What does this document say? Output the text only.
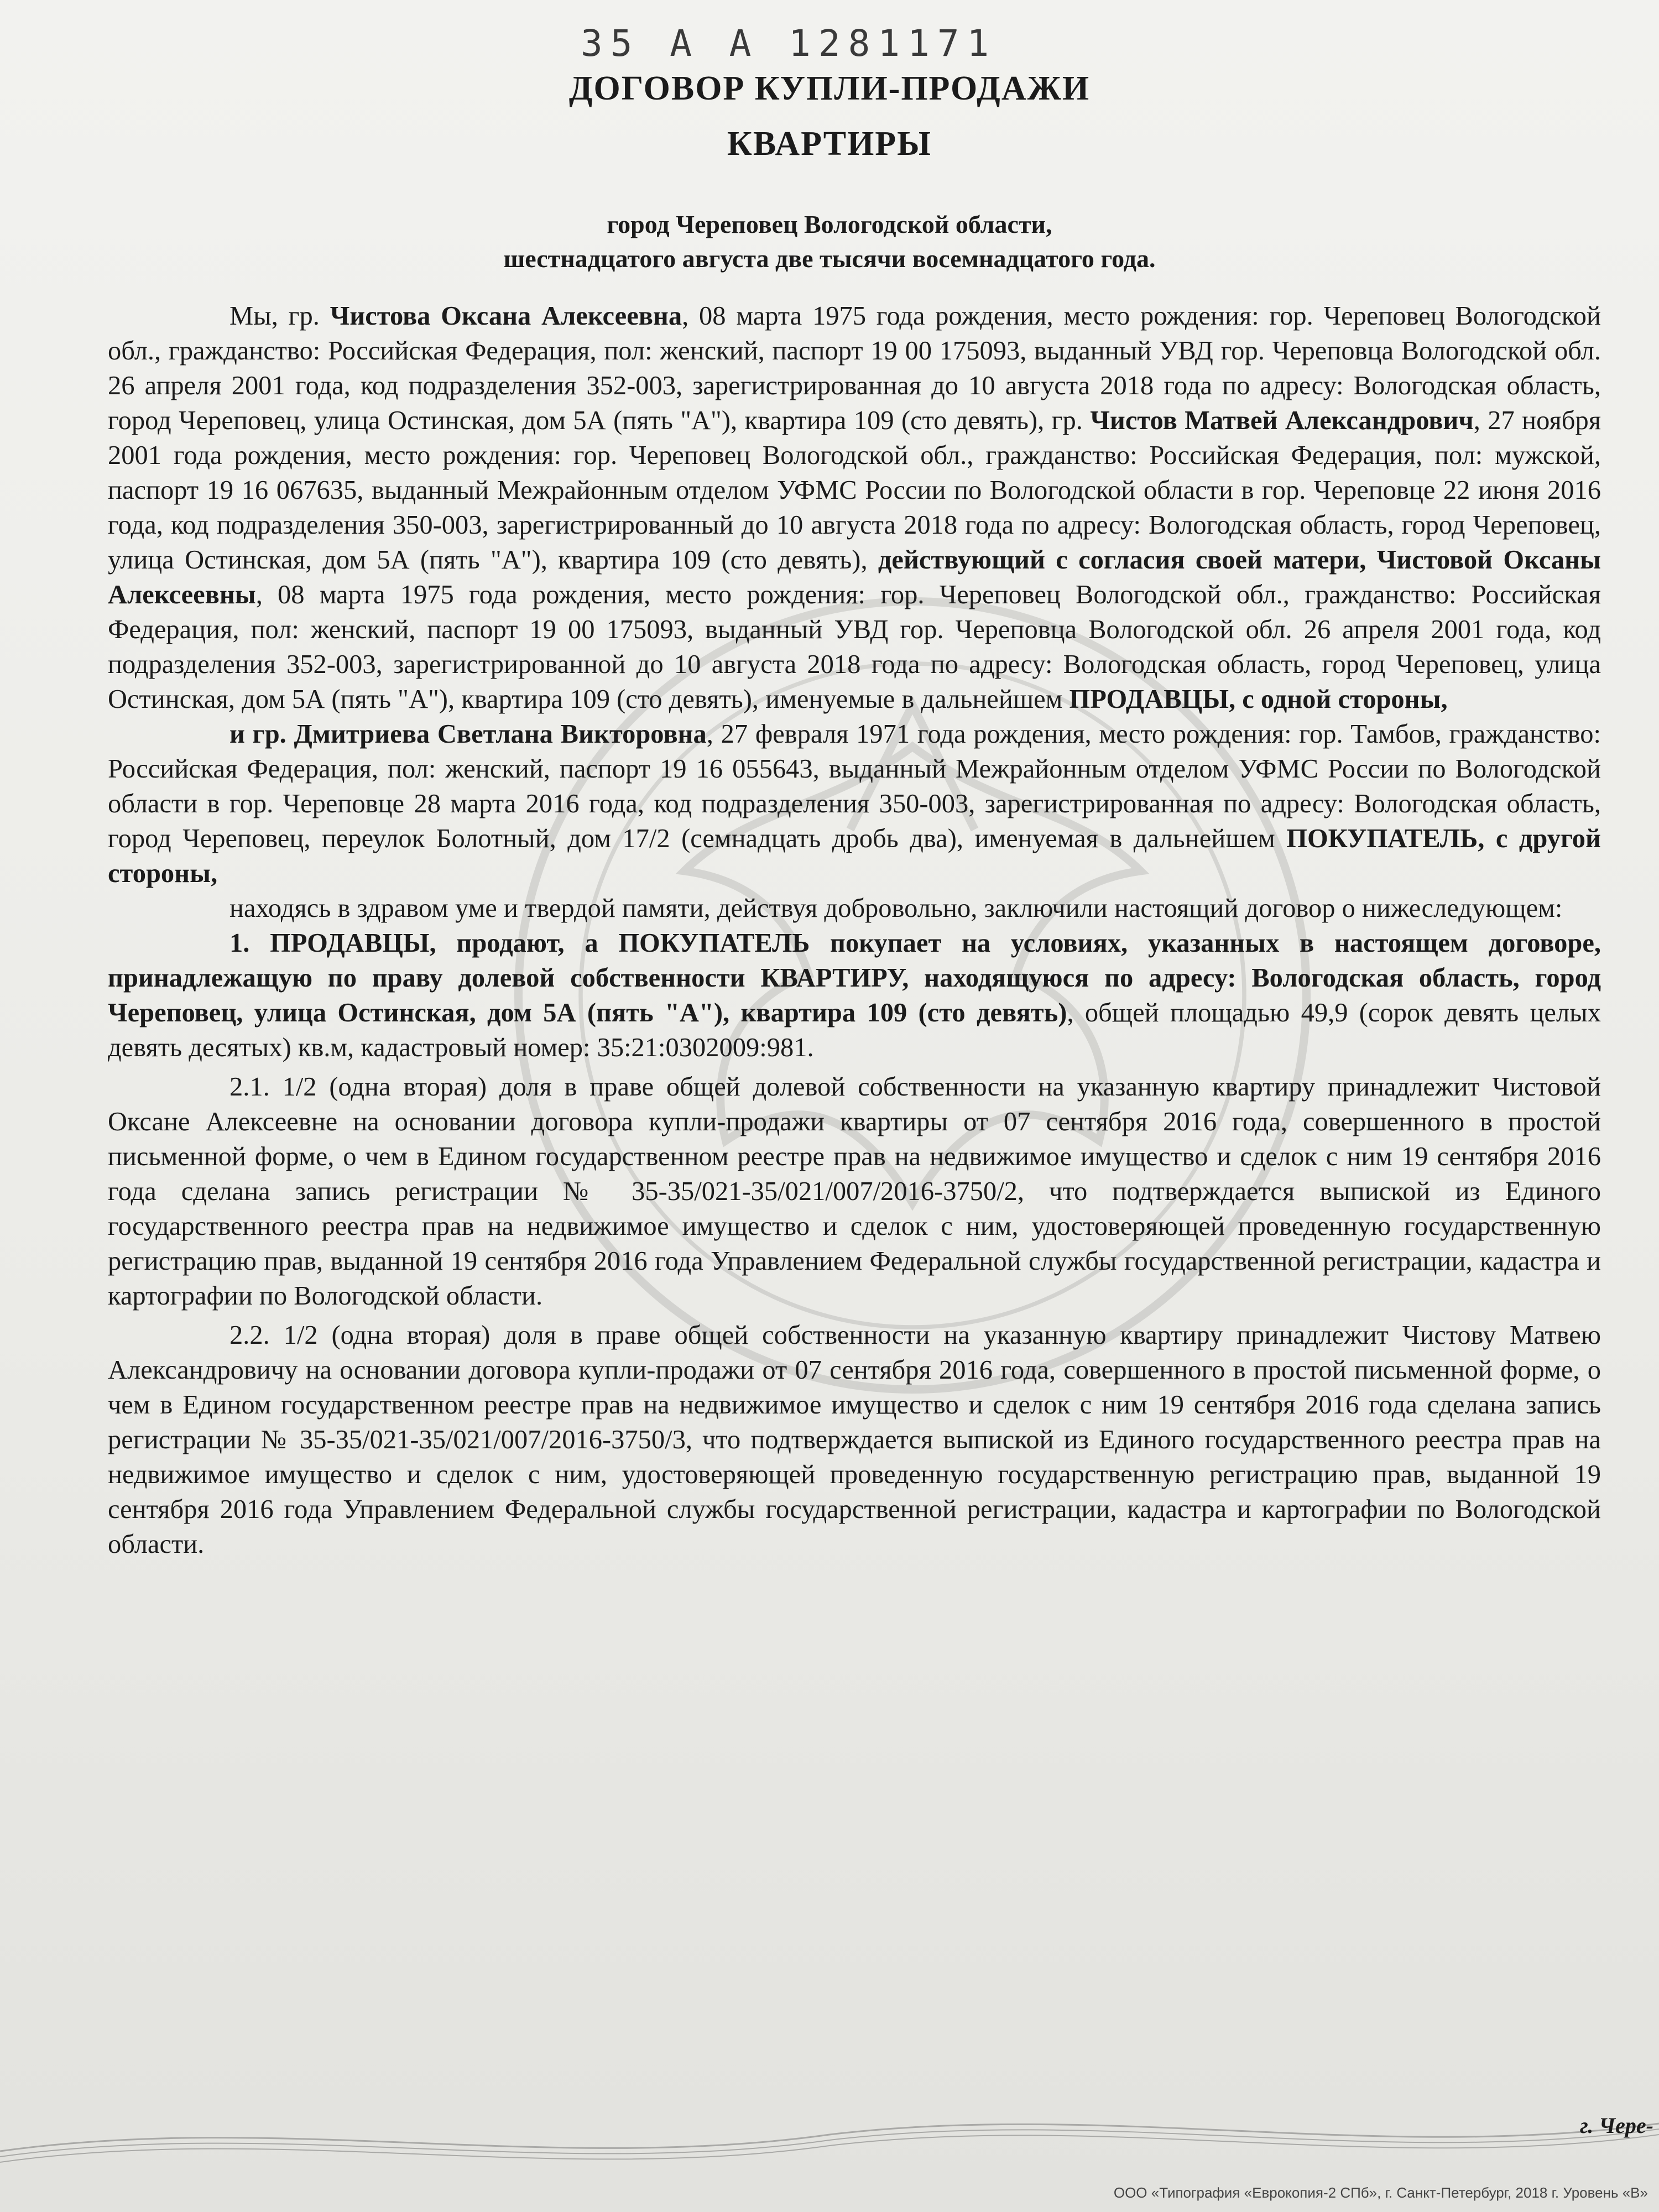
35 А А 1281171
ДОГОВОР КУПЛИ-ПРОДАЖИ
КВАРТИРЫ
город Череповец Вологодской области,
шестнадцатого августа две тысячи восемнадцатого года.

Мы, гр. Чистова Оксана Алексеевна, 08 марта 1975 года рождения, место рождения: гор. Череповец Вологодской обл., гражданство: Российская Федерация, пол: женский, паспорт 19 00 175093, выданный УВД гор. Череповца Вологодской обл. 26 апреля 2001 года, код подразделения 352-003, зарегистрированная до 10 августа 2018 года по адресу: Вологодская область, город Череповец, улица Остинская, дом 5А (пять "А"), квартира 109 (сто девять), гр. Чистов Матвей Александрович, 27 ноября 2001 года рождения, место рождения: гор. Череповец Вологодской обл., гражданство: Российская Федерация, пол: мужской, паспорт 19 16 067635, выданный Межрайонным отделом УФМС России по Вологодской области в гор. Череповце 22 июня 2016 года, код подразделения 350-003, зарегистрированный до 10 августа 2018 года по адресу: Вологодская область, город Череповец, улица Остинская, дом 5А (пять "А"), квартира 109 (сто девять), действующий с согласия своей матери, Чистовой Оксаны Алексеевны, 08 марта 1975 года рождения, место рождения: гор. Череповец Вологодской обл., гражданство: Российская Федерация, пол: женский, паспорт 19 00 175093, выданный УВД гор. Череповца Вологодской обл. 26 апреля 2001 года, код подразделения 352-003, зарегистрированной до 10 августа 2018 года по адресу: Вологодская область, город Череповец, улица Остинская, дом 5А (пять "А"), квартира 109 (сто девять), именуемые в дальнейшем ПРОДАВЦЫ, с одной стороны,

и гр. Дмитриева Светлана Викторовна, 27 февраля 1971 года рождения, место рождения: гор. Тамбов, гражданство: Российская Федерация, пол: женский, паспорт 19 16 055643, выданный Межрайонным отделом УФМС России по Вологодской области в гор. Череповце 28 марта 2016 года, код подразделения 350-003, зарегистрированная по адресу: Вологодская область, город Череповец, переулок Болотный, дом 17/2 (семнадцать дробь два), именуемая в дальнейшем ПОКУПАТЕЛЬ, с другой стороны,

находясь в здравом уме и твердой памяти, действуя добровольно, заключили настоящий договор о нижеследующем:

1. ПРОДАВЦЫ, продают, а ПОКУПАТЕЛЬ покупает на условиях, указанных в настоящем договоре, принадлежащую по праву долевой собственности КВАРТИРУ, находящуюся по адресу: Вологодская область, город Череповец, улица Остинская, дом 5А (пять "А"), квартира 109 (сто девять), общей площадью 49,9 (сорок девять целых девять десятых) кв.м, кадастровый номер: 35:21:0302009:981.

2.1. 1/2 (одна вторая) доля в праве общей долевой собственности на указанную квартиру принадлежит Чистовой Оксане Алексеевне на основании договора купли-продажи квартиры от 07 сентября 2016 года, совершенного в простой письменной форме, о чем в Едином государственном реестре прав на недвижимое имущество и сделок с ним 19 сентября 2016 года сделана запись регистрации № 35-35/021-35/021/007/2016-3750/2, что подтверждается выпиской из Единого государственного реестра прав на недвижимое имущество и сделок с ним, удостоверяющей проведенную государственную регистрацию прав, выданной 19 сентября 2016 года Управлением Федеральной службы государственной регистрации, кадастра и картографии по Вологодской области.

2.2. 1/2 (одна вторая) доля в праве общей собственности на указанную квартиру принадлежит Чистову Матвею Александровичу на основании договора купли-продажи от 07 сентября 2016 года, совершенного в простой письменной форме, о чем в Едином государственном реестре прав на недвижимое имущество и сделок с ним 19 сентября 2016 года сделана запись регистрации № 35-35/021-35/021/007/2016-3750/3, что подтверждается выпиской из Единого государственного реестра прав на недвижимое имущество и сделок с ним, удостоверяющей проведенную государственную регистрацию прав, выданной 19 сентября 2016 года Управлением Федеральной службы государственной регистрации, кадастра и картографии по Вологодской области.

г. Чере-
ООО «Типография «Еврокопия-2 СПб», г. Санкт-Петербург, 2018 г. Уровень «В»
